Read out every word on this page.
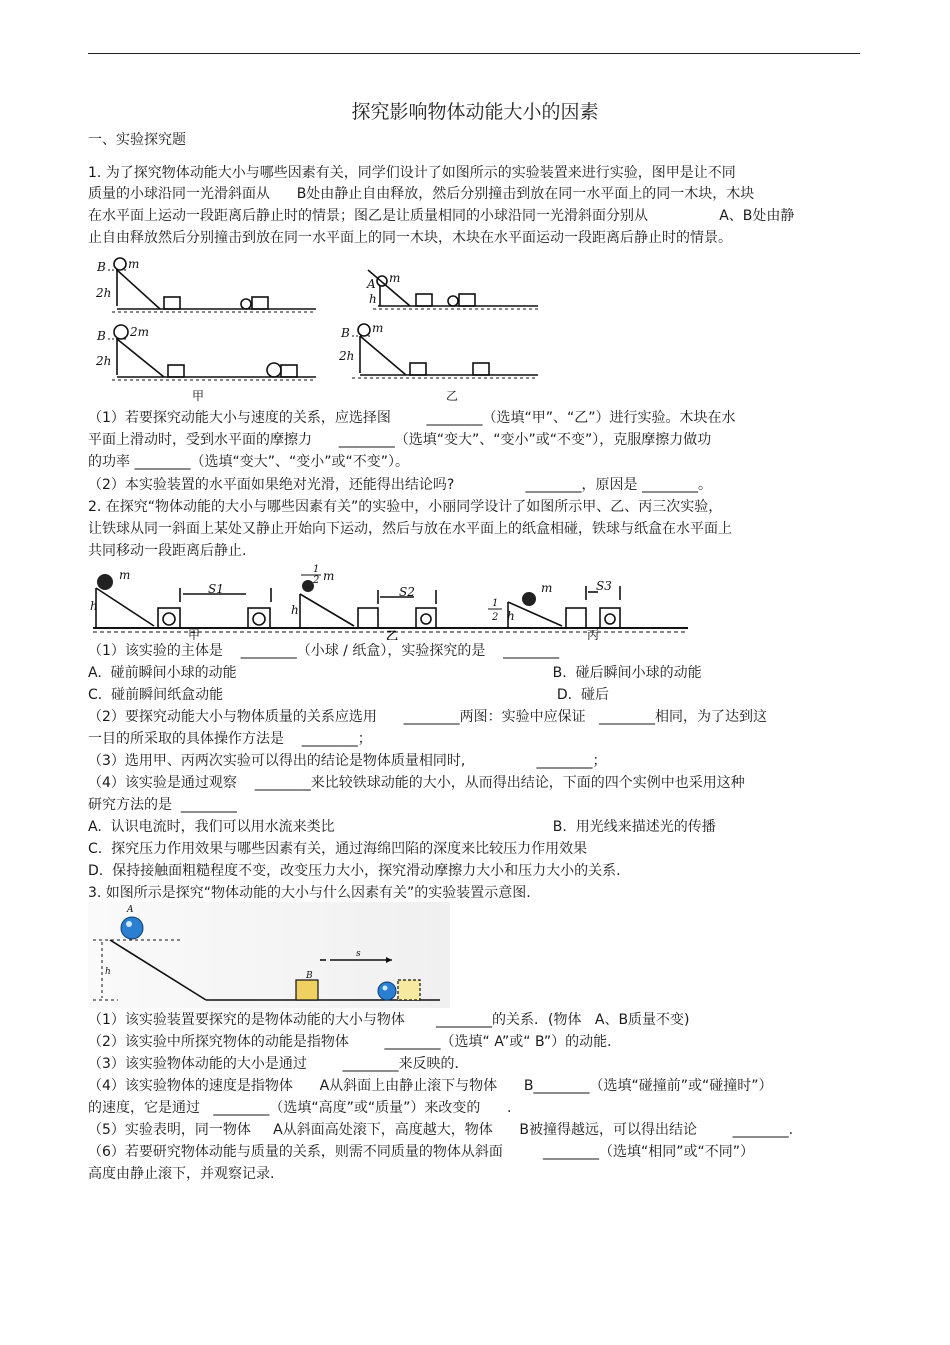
探究影响物体动能大小的因素
一、实验探究题
1. 为了探究物体动能大小与哪些因素有关，同学们设计了如图所示的实验装置来进行实验，图甲是让不同
质量的小球沿同一光滑斜面从      B处由静止自由释放，然后分别撞击到放在同一水平面上的同一木块，木块
在水平面上运动一段距离后静止时的情景；图乙是让质量相同的小球沿同一光滑斜面分别从                A、B处由静
止自由释放然后分别撞击到放在同一水平面上的同一木块，木块在水平面运动一段距离后静止时的情景。
B m
2h
B 2m
2h
甲
A m
h
B m
2h
乙
（1）若要探究动能大小与速度的关系，应选择图        ________（选填“甲”、“乙”）进行实验。木块在水
平面上滑动时，受到水平面的摩擦力      ________（选填“变大”、“变小”或“不变”），克服摩擦力做功
的功率 ________（选填“变大”、“变小”或“不变”）。
（2）本实验装置的水平面如果绝对光滑，还能得出结论吗?                ________，原因是 ________。
2. 在探究“物体动能的大小与哪些因素有关”的实验中，小丽同学设计了如图所示甲、乙、丙三次实验，
让铁球从同一斜面上某处又静止开始向下运动，然后与放在水平面上的纸盒相碰，铁球与纸盒在水平面上
共同移动一段距离后静止.
m
h
S1
甲
1
2 m
h
S2
乙
m
1
2 h
S3
丙
（1）该实验的主体是    ________（小球 / 纸盒），实验探究的是    ________
A.  碰前瞬间小球的动能                                                                       B.  碰后瞬间小球的动能
C.  碰前瞬间纸盒动能                                                                           D.  碰后
（2）要探究动能大小与物体质量的关系应选用      ________两图：实验中应保证   ________相同，为了达到这
一目的所采取的具体操作方法是    ________；
（3）选用甲、丙两次实验可以得出的结论是物体质量相同时,                ________；
（4）该实验是通过观察    ________来比较铁球动能的大小，从而得出结论，下面的四个实例中也采用这种
研究方法的是  ________
A.  认识电流时，我们可以用水流来类比                                                 B.  用光线来描述光的传播
C.  探究压力作用效果与哪些因素有关，通过海绵凹陷的深度来比较压力作用效果
D.  保持接触面粗糙程度不变，改变压力大小，探究滑动摩擦力大小和压力大小的关系.
3. 如图所示是探究“物体动能的大小与什么因素有关”的实验装置示意图.
A
h	B
s
（1）该实验装置要探究的是物体动能的大小与物体       ________的关系．(物体   A、B质量不变)
（2）该实验中所探究物体的动能是指物体        ________（选填“ A”或“ B”）的动能．
（3）该实验物体动能的大小是通过        ________来反映的．
（4）该实验物体的速度是指物体      A从斜面上由静止滚下与物体      B________（选填“碰撞前”或“碰撞时”）
的速度，它是通过   ________（选填“高度”或“质量”）来改变的      .
（5）实验表明，同一物体     A从斜面高处滚下，高度越大，物体      B被撞得越远，可以得出结论        ________.
（6）若要研究物体动能与质量的关系，则需不同质量的物体从斜面         ________（选填“相同”或“不同”）
高度由静止滚下，并观察记录.
